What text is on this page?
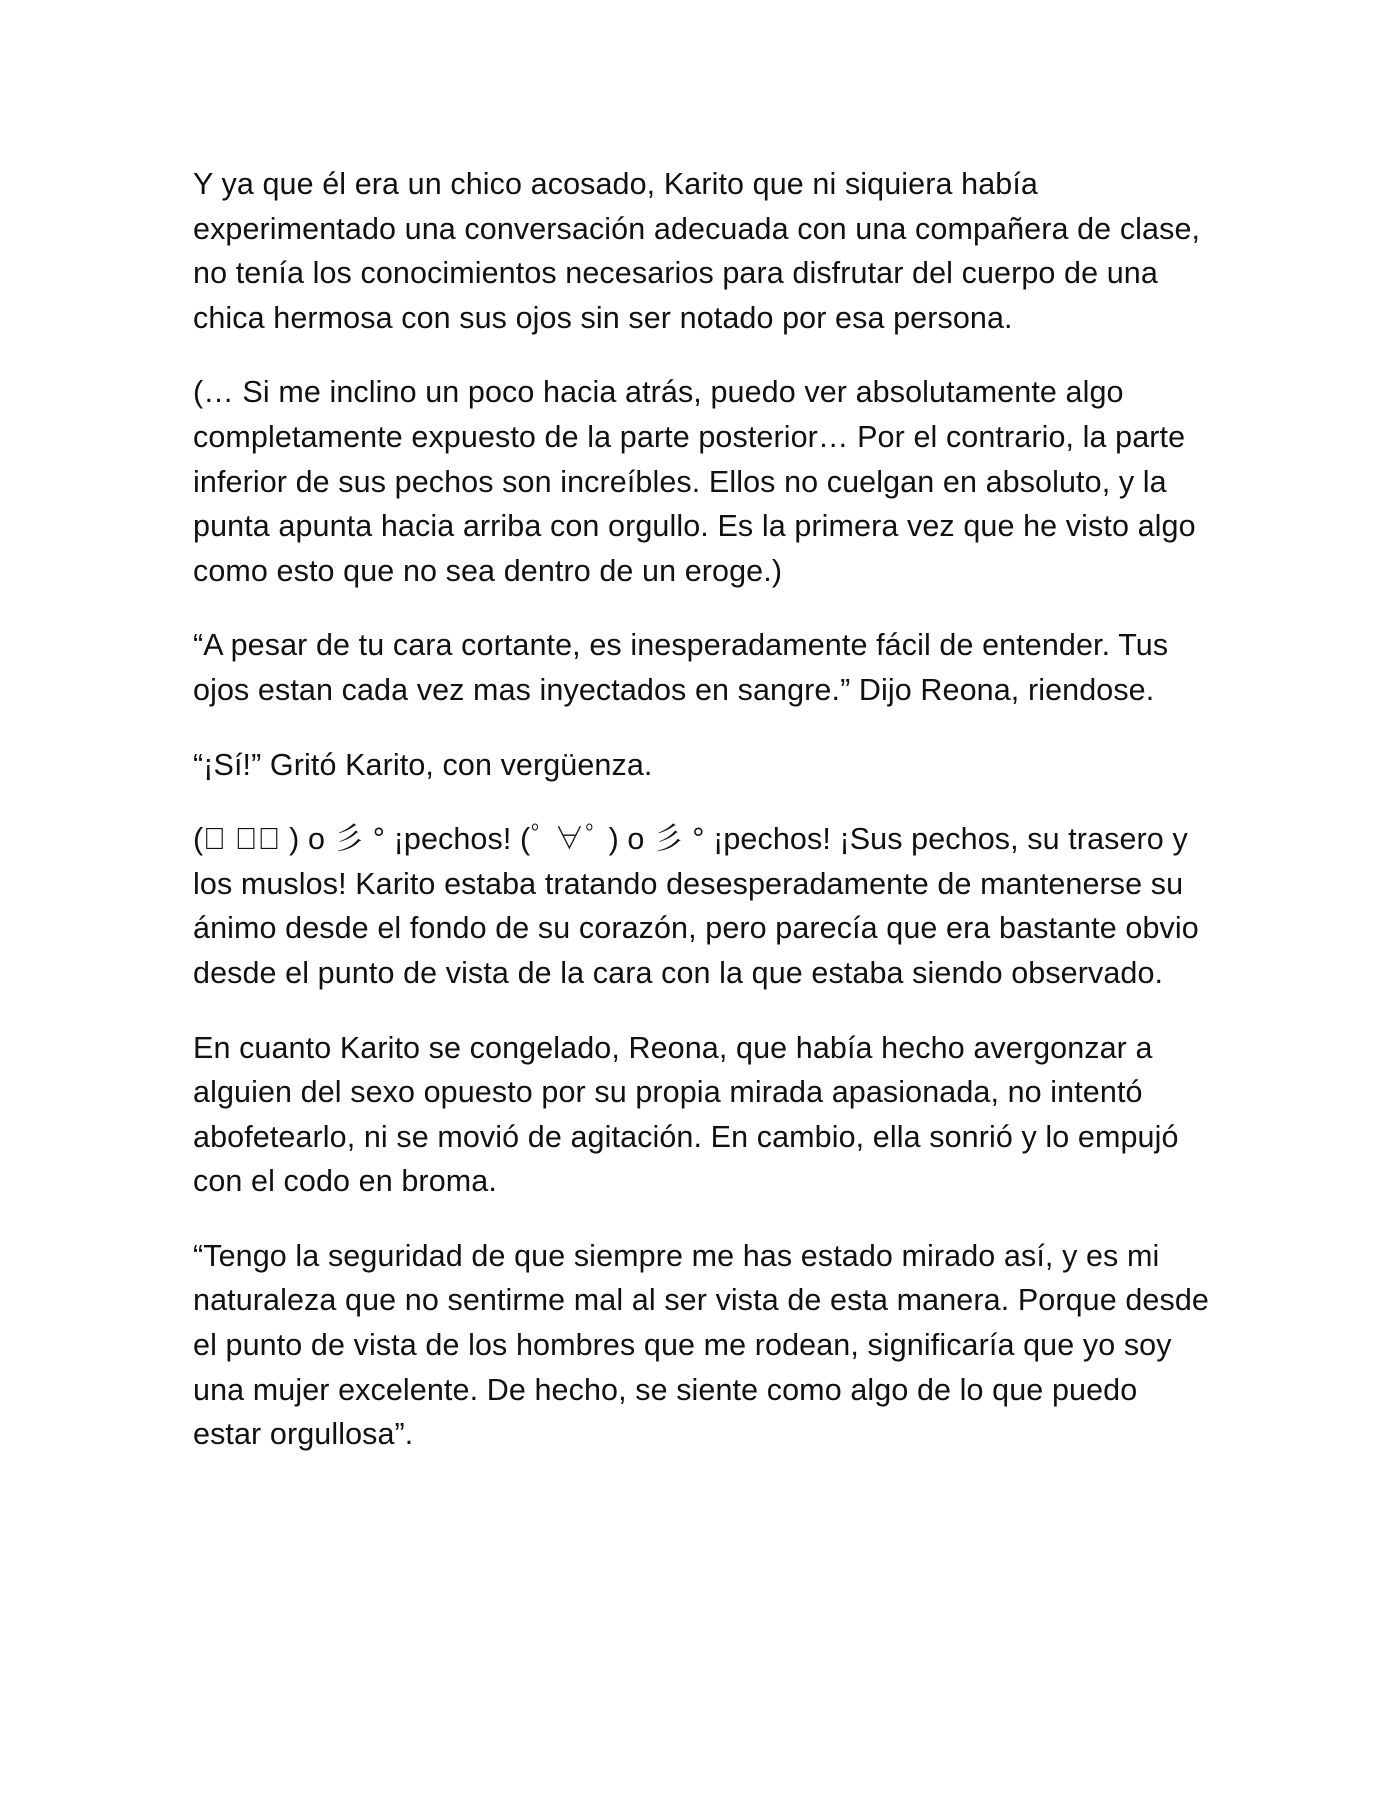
Y ya que él era un chico acosado, Karito que ni siquiera había experimentado una conversación adecuada con una compañera de clase, no tenía los conocimientos necesarios para disfrutar del cuerpo de una chica hermosa con sus ojos sin ser notado por esa persona.

(… Si me inclino un poco hacia atrás, puedo ver absolutamente algo completamente expuesto de la parte posterior… Por el contrario, la parte inferior de sus pechos son increíbles. Ellos no cuelgan en absoluto, y la punta apunta hacia arriba con orgullo. Es la primera vez que he visto algo como esto que no sea dentro de un eroge.)

“A pesar de tu cara cortante, es inesperadamente fácil de entender. Tus ojos estan cada vez mas inyectados en sangre.” Dijo Reona, riendose.

“¡Sí!” Gritó Karito, con vergüenza.

(ﾟ ∀ﾟ ) o 彡 ° ¡pechos! (ﾟ ∀ﾟ ) o 彡 ° ¡pechos! ¡Sus pechos, su trasero y los muslos! Karito estaba tratando desesperadamente de mantenerse su ánimo desde el fondo de su corazón, pero parecía que era bastante obvio desde el punto de vista de la cara con la que estaba siendo observado.

En cuanto Karito se congelado, Reona, que había hecho avergonzar a alguien del sexo opuesto por su propia mirada apasionada, no intentó abofetearlo, ni se movió de agitación. En cambio, ella sonrió y lo empujó con el codo en broma.

“Tengo la seguridad de que siempre me has estado mirado así, y es mi naturaleza que no sentirme mal al ser vista de esta manera. Porque desde el punto de vista de los hombres que me rodean, significaría que yo soy una mujer excelente. De hecho, se siente como algo de lo que puedo estar orgullosa”.
